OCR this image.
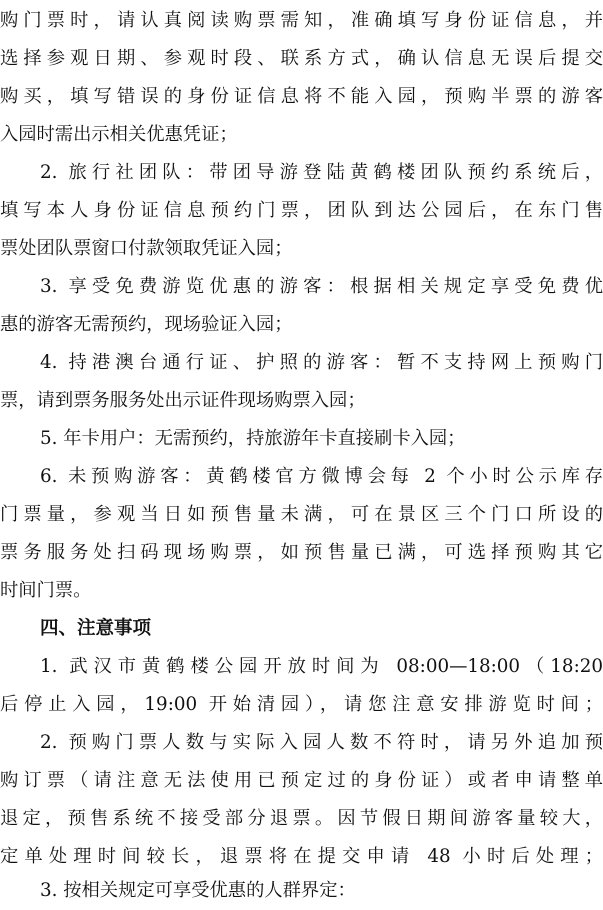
购门票时，请认真阅读购票需知，准确填写身份证信息，并
选择参观日期、参观时段、联系方式，确认信息无误后提交
购买，填写错误的身份证信息将不能入园，预购半票的游客
入园时需出示相关优惠凭证；
2. 旅行社团队：带团导游登陆黄鹤楼团队预约系统后，
填写本人身份证信息预约门票，团队到达公园后，在东门售
票处团队票窗口付款领取凭证入园；
3. 享受免费游览优惠的游客：根据相关规定享受免费优
惠的游客无需预约，现场验证入园；
4. 持港澳台通行证、护照的游客：暂不支持网上预购门
票，请到票务服务处出示证件现场购票入园；
5. 年卡用户：无需预约，持旅游年卡直接刷卡入园；
6. 未预购游客：黄鹤楼官方微博会每 2 个小时公示库存
门票量，参观当日如预售量未满，可在景区三个门口所设的
票务服务处扫码现场购票，如预售量已满，可选择预购其它
时间门票。
四、注意事项
1. 武汉市黄鹤楼公园开放时间为 08:00—18:00（18:20
后停止入园，19:00 开始清园），请您注意安排游览时间；
2. 预购门票人数与实际入园人数不符时，请另外追加预
购订票（请注意无法使用已预定过的身份证）或者申请整单
退定，预售系统不接受部分退票。因节假日期间游客量较大，
定单处理时间较长，退票将在提交申请 48 小时后处理；
3. 按相关规定可享受优惠的人群界定：
